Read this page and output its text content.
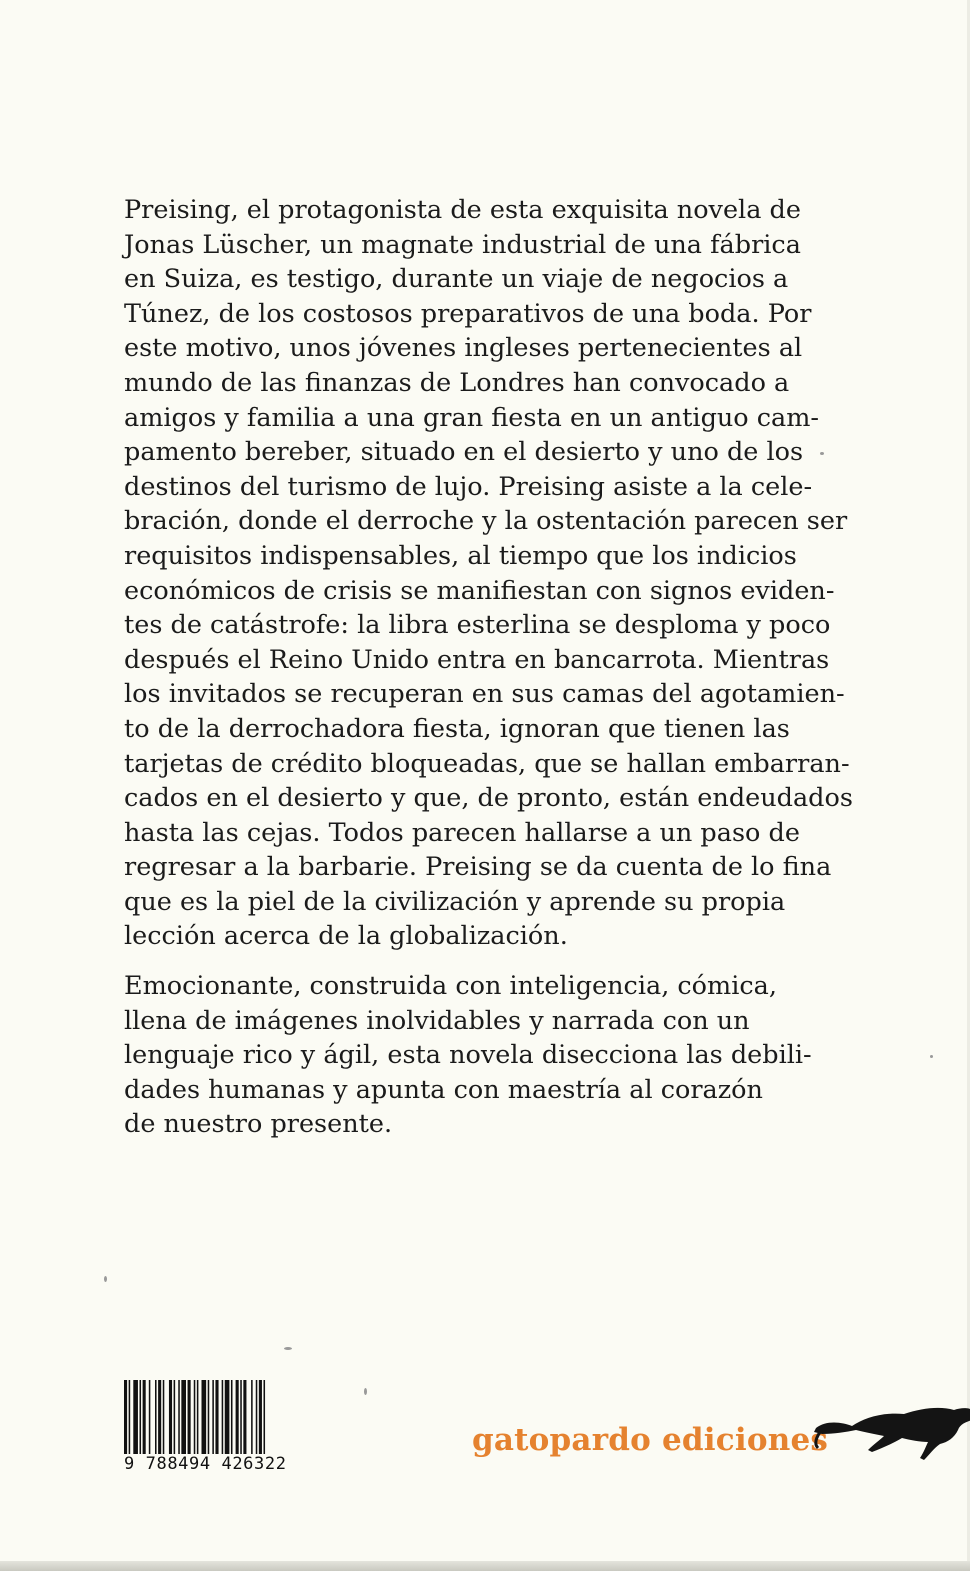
Preising, el protagonista de esta exquisita novela de
Jonas Lüscher, un magnate industrial de una fábrica
en Suiza, es testigo, durante un viaje de negocios a
Túnez, de los costosos preparativos de una boda. Por
este motivo, unos jóvenes ingleses pertenecientes al
mundo de las finanzas de Londres han convocado a
amigos y familia a una gran fiesta en un antiguo cam-
pamento bereber, situado en el desierto y uno de los
destinos del turismo de lujo. Preising asiste a la cele-
bración, donde el derroche y la ostentación parecen ser
requisitos indispensables, al tiempo que los indicios
económicos de crisis se manifiestan con signos eviden-
tes de catástrofe: la libra esterlina se desploma y poco
después el Reino Unido entra en bancarrota. Mientras
los invitados se recuperan en sus camas del agotamien-
to de la derrochadora fiesta, ignoran que tienen las
tarjetas de crédito bloqueadas, que se hallan embarran-
cados en el desierto y que, de pronto, están endeudados
hasta las cejas. Todos parecen hallarse a un paso de
regresar a la barbarie. Preising se da cuenta de lo fina
que es la piel de la civilización y aprende su propia
lección acerca de la globalización.

Emocionante, construida con inteligencia, cómica,
llena de imágenes inolvidables y narrada con un
lenguaje rico y ágil, esta novela disecciona las debili-
dades humanas y apunta con maestría al corazón
de nuestro presente.

9 788494 426322
gatopardo ediciones
